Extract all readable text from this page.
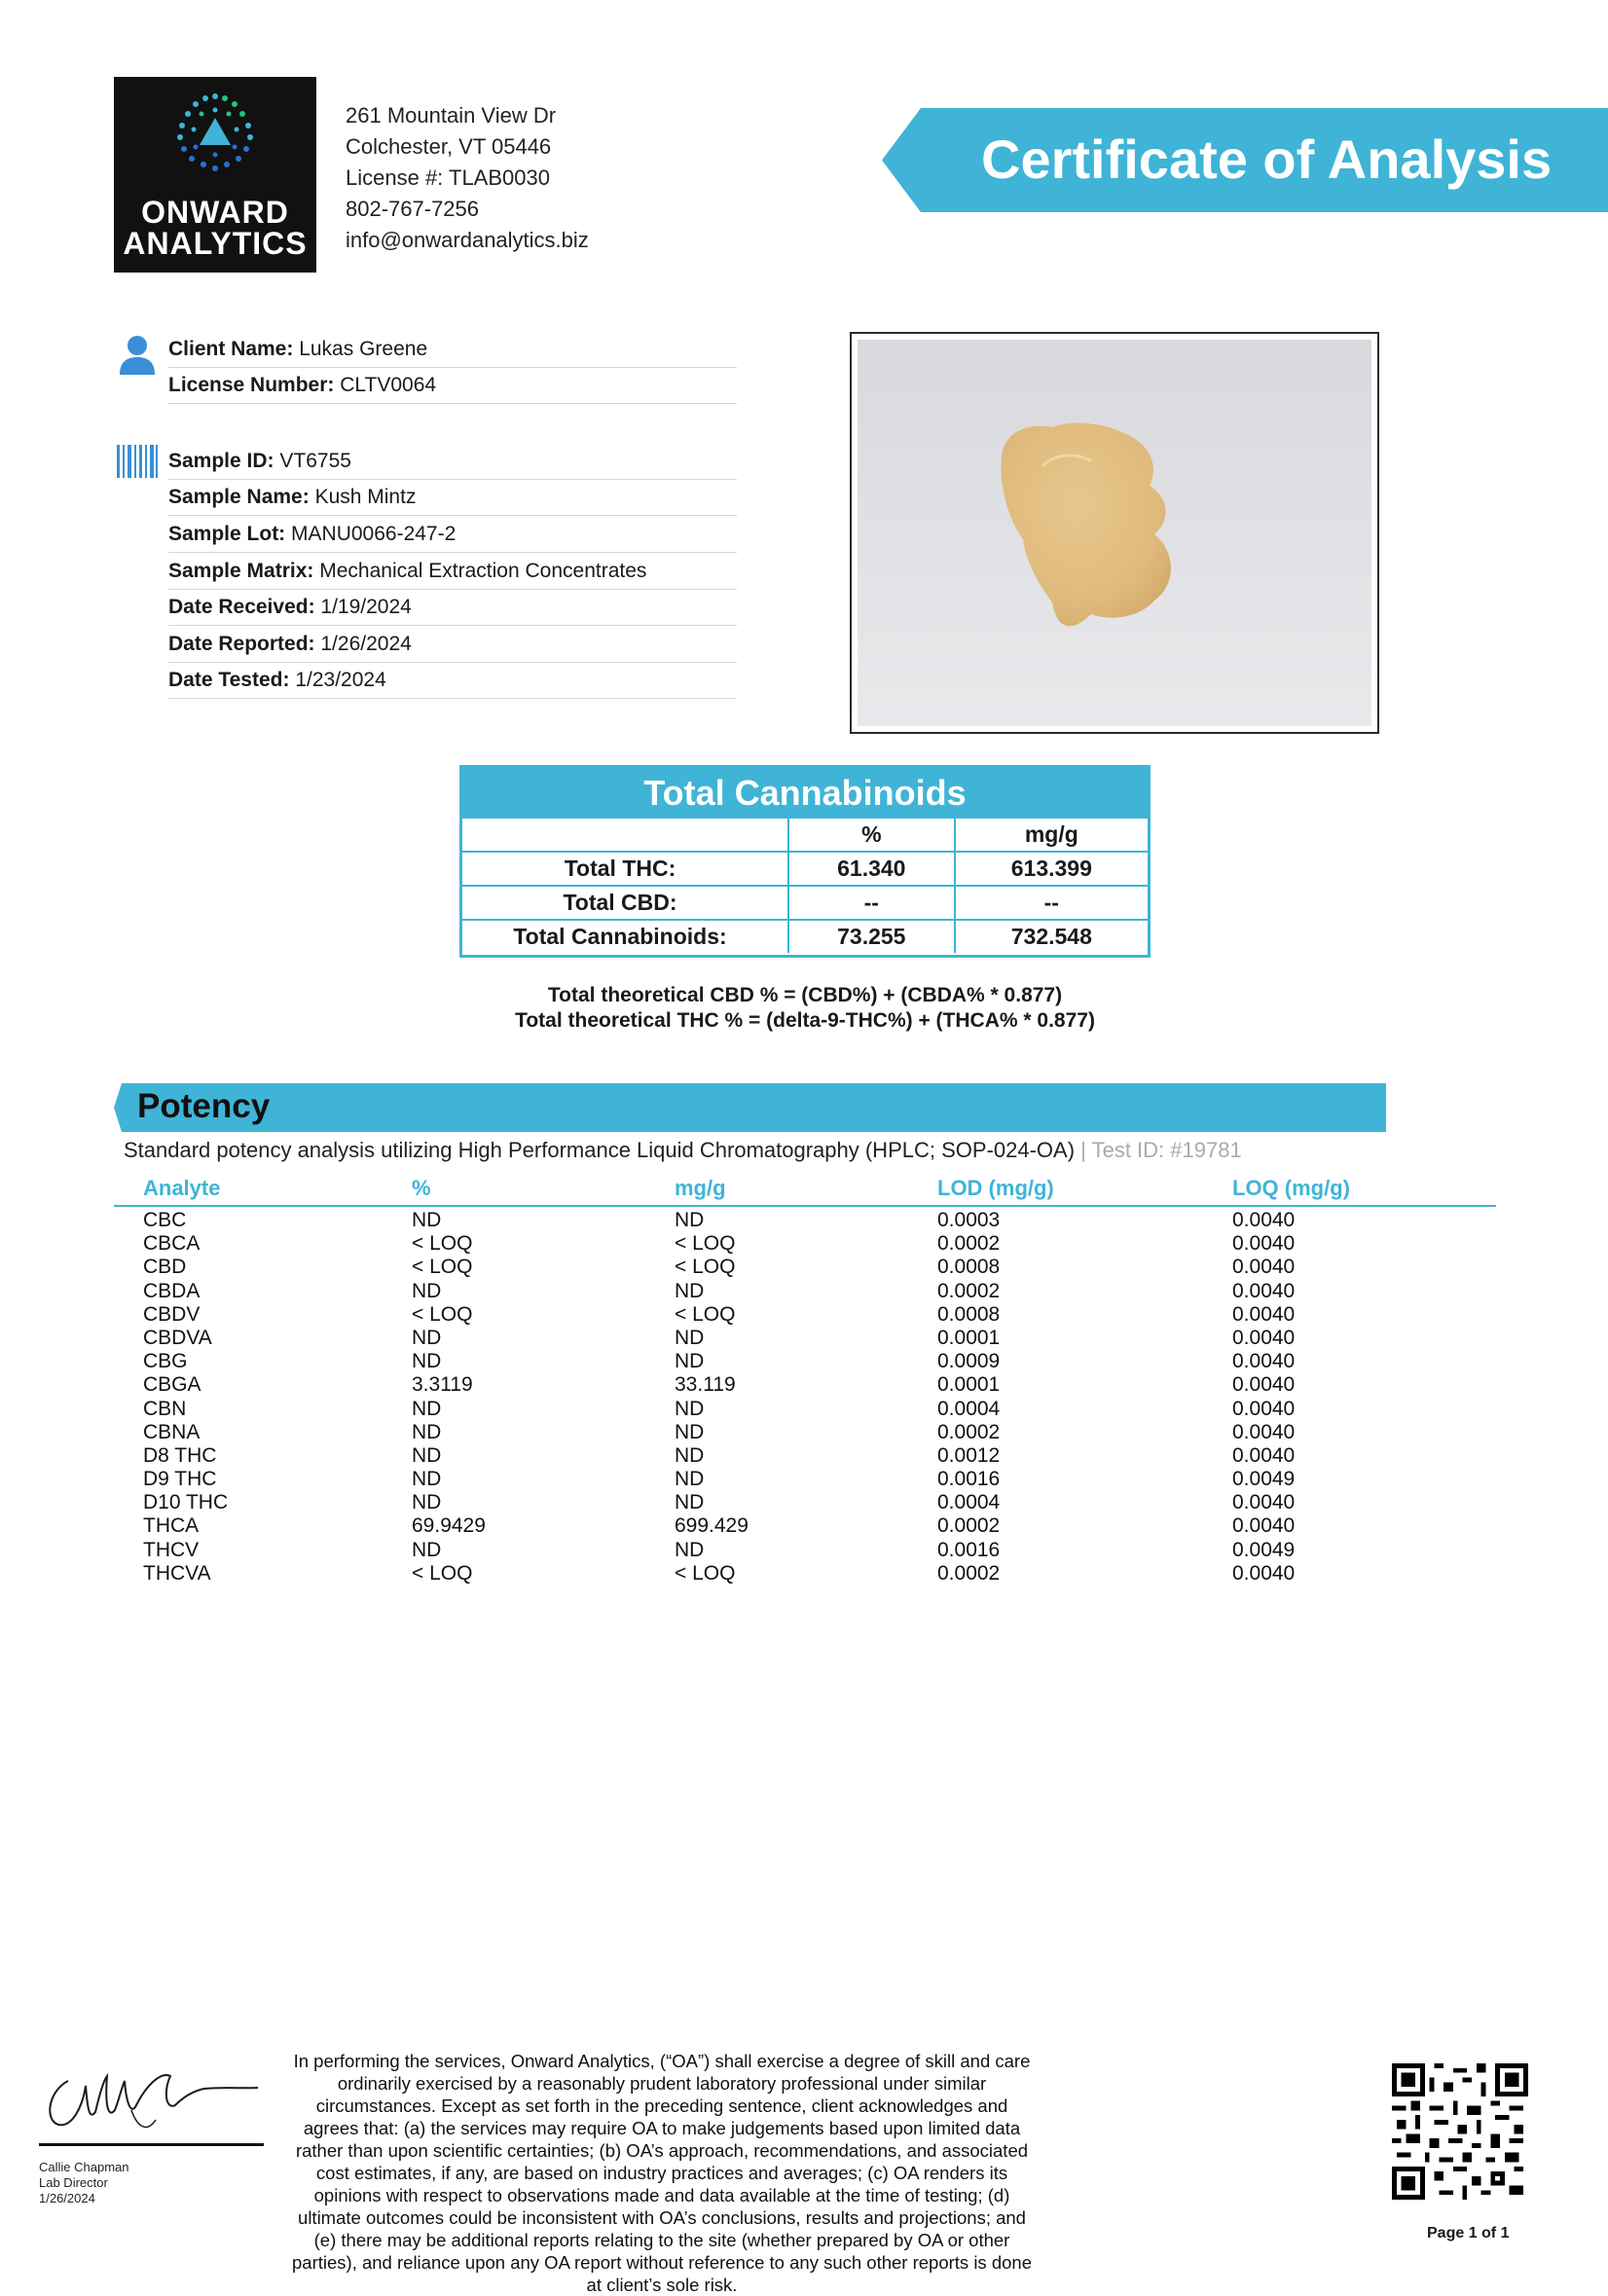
ONWARD
ANALYTICS
261 Mountain View Dr
Colchester, VT 05446
License #: TLAB0030
802-767-7256
info@onwardanalytics.biz
Certificate of Analysis
Client Name: Lukas Greene
License Number: CLTV0064
Sample ID: VT6755
Sample Name: Kush Mintz
Sample Lot: MANU0066-247-2
Sample Matrix: Mechanical Extraction Concentrates
Date Received: 1/19/2024
Date Reported: 1/26/2024
Date Tested: 1/23/2024
Total Cannabinoids
	%	mg/g
Total THC:	61.340	613.399
Total CBD:	--	--
Total Cannabinoids:	73.255	732.548
Total theoretical CBD % = (CBD%) + (CBDA% * 0.877)
Total theoretical THC % = (delta-9-THC%) + (THCA% * 0.877)
Potency
Standard potency analysis utilizing High Performance Liquid Chromatography (HPLC; SOP-024-OA) | Test ID: #19781
Analyte	%	mg/g	LOD (mg/g)	LOQ (mg/g)
CBC	ND	ND	0.0003	0.0040
CBCA	< LOQ	< LOQ	0.0002	0.0040
CBD	< LOQ	< LOQ	0.0008	0.0040
CBDA	ND	ND	0.0002	0.0040
CBDV	< LOQ	< LOQ	0.0008	0.0040
CBDVA	ND	ND	0.0001	0.0040
CBG	ND	ND	0.0009	0.0040
CBGA	3.3119	33.119	0.0001	0.0040
CBN	ND	ND	0.0004	0.0040
CBNA	ND	ND	0.0002	0.0040
D8 THC	ND	ND	0.0012	0.0040
D9 THC	ND	ND	0.0016	0.0049
D10 THC	ND	ND	0.0004	0.0040
THCA	69.9429	699.429	0.0002	0.0040
THCV	ND	ND	0.0016	0.0049
THCVA	< LOQ	< LOQ	0.0002	0.0040
Callie Chapman
Lab Director
1/26/2024
In performing the services, Onward Analytics, (“OA”) shall exercise a degree of skill and care ordinarily exercised by a reasonably prudent laboratory professional under similar circumstances. Except as set forth in the preceding sentence, client acknowledges and agrees that: (a) the services may require OA to make judgements based upon limited data rather than upon scientific certainties; (b) OA’s approach, recommendations, and associated cost estimates, if any, are based on industry practices and averages; (c) OA renders its opinions with respect to observations made and data available at the time of testing; (d) ultimate outcomes could be inconsistent with OA’s conclusions, results and projections; and (e) there may be additional reports relating to the site (whether prepared by OA or other parties), and reliance upon any OA report without reference to any such other reports is done at client’s sole risk.
Page 1 of 1
